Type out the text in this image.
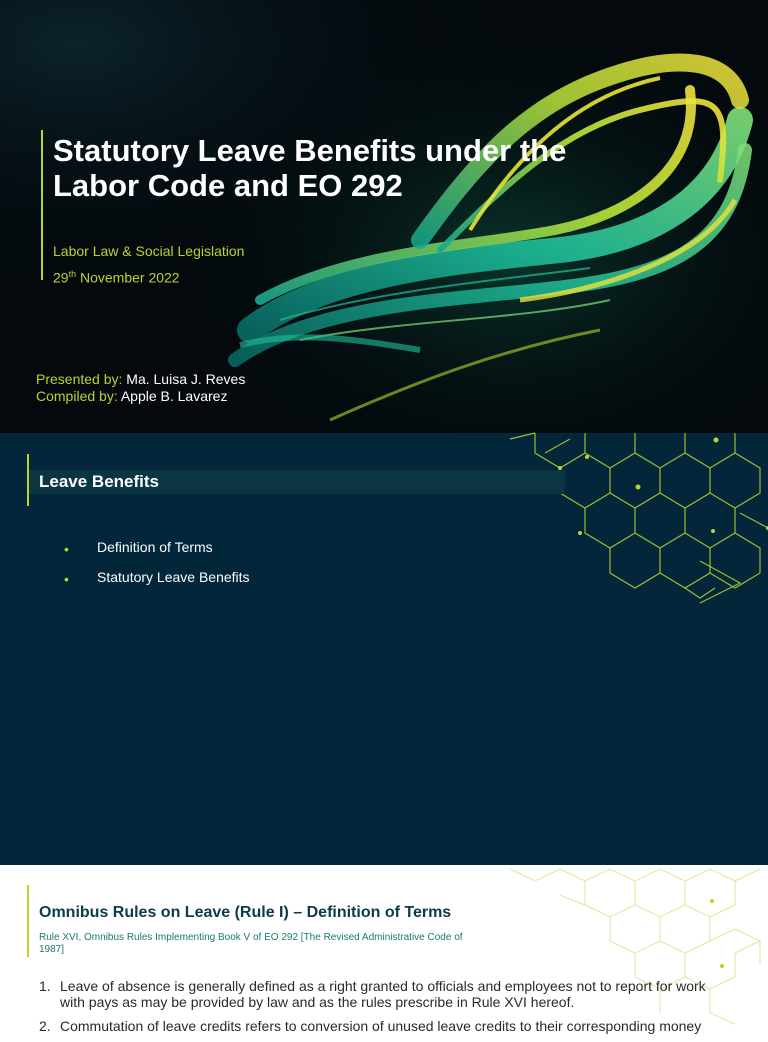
Statutory Leave Benefits under the Labor Code and EO 292
Labor Law & Social Legislation
29th November 2022
Presented by: Ma. Luisa J. Reves
Compiled by: Apple B. Lavarez
Leave Benefits
• Definition of Terms
• Statutory Leave Benefits
Omnibus Rules on Leave (Rule I) – Definition of Terms
Rule XVI, Omnibus Rules Implementing Book V of EO 292 [The Revised Administrative Code of 1987]
1. Leave of absence is generally defined as a right granted to officials and employees not to report for work with pays as may be provided by law and as the rules prescribe in Rule XVI hereof.
2. Commutation of leave credits refers to conversion of unused leave credits to their corresponding money
